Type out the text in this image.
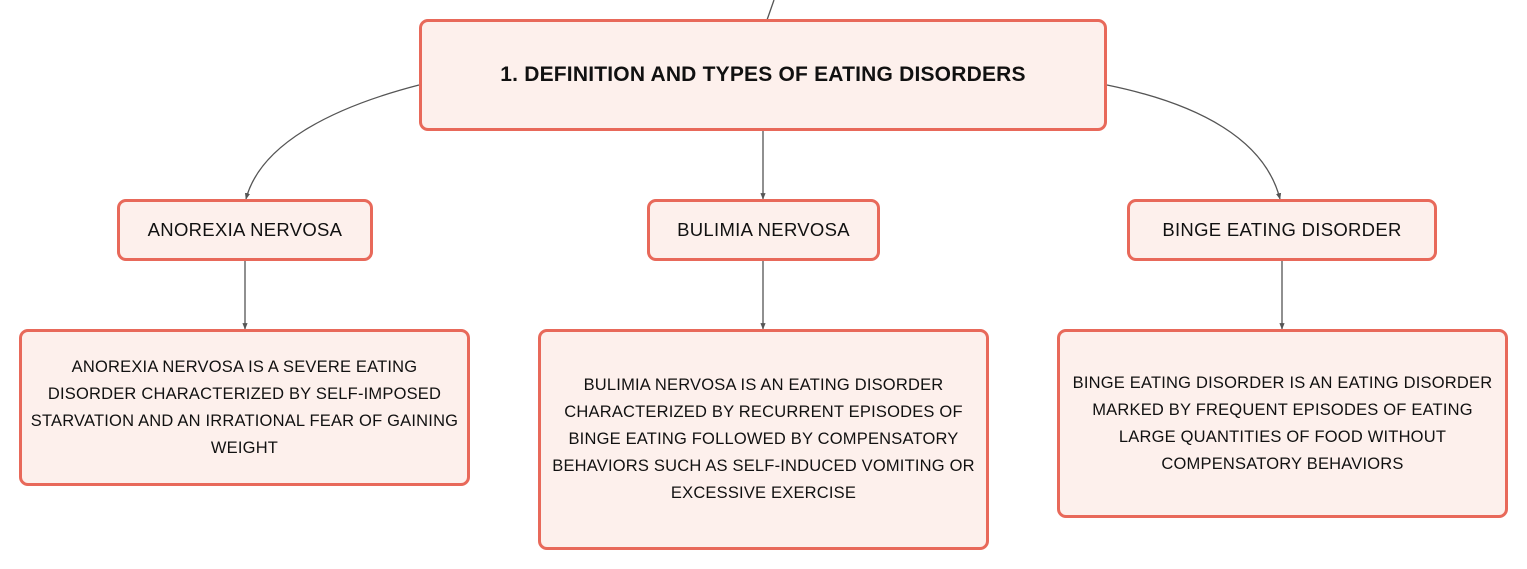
1. DEFINITION AND TYPES OF EATING DISORDERS
ANOREXIA NERVOSA	BULIMIA NERVOSA	BINGE EATING DISORDER
ANOREXIA NERVOSA IS A SEVERE EATING DISORDER CHARACTERIZED BY SELF-IMPOSED STARVATION AND AN IRRATIONAL FEAR OF GAINING WEIGHT
BULIMIA NERVOSA IS AN EATING DISORDER CHARACTERIZED BY RECURRENT EPISODES OF BINGE EATING FOLLOWED BY COMPENSATORY BEHAVIORS SUCH AS SELF-INDUCED VOMITING OR EXCESSIVE EXERCISE
BINGE EATING DISORDER IS AN EATING DISORDER MARKED BY FREQUENT EPISODES OF EATING LARGE QUANTITIES OF FOOD WITHOUT COMPENSATORY BEHAVIORS
